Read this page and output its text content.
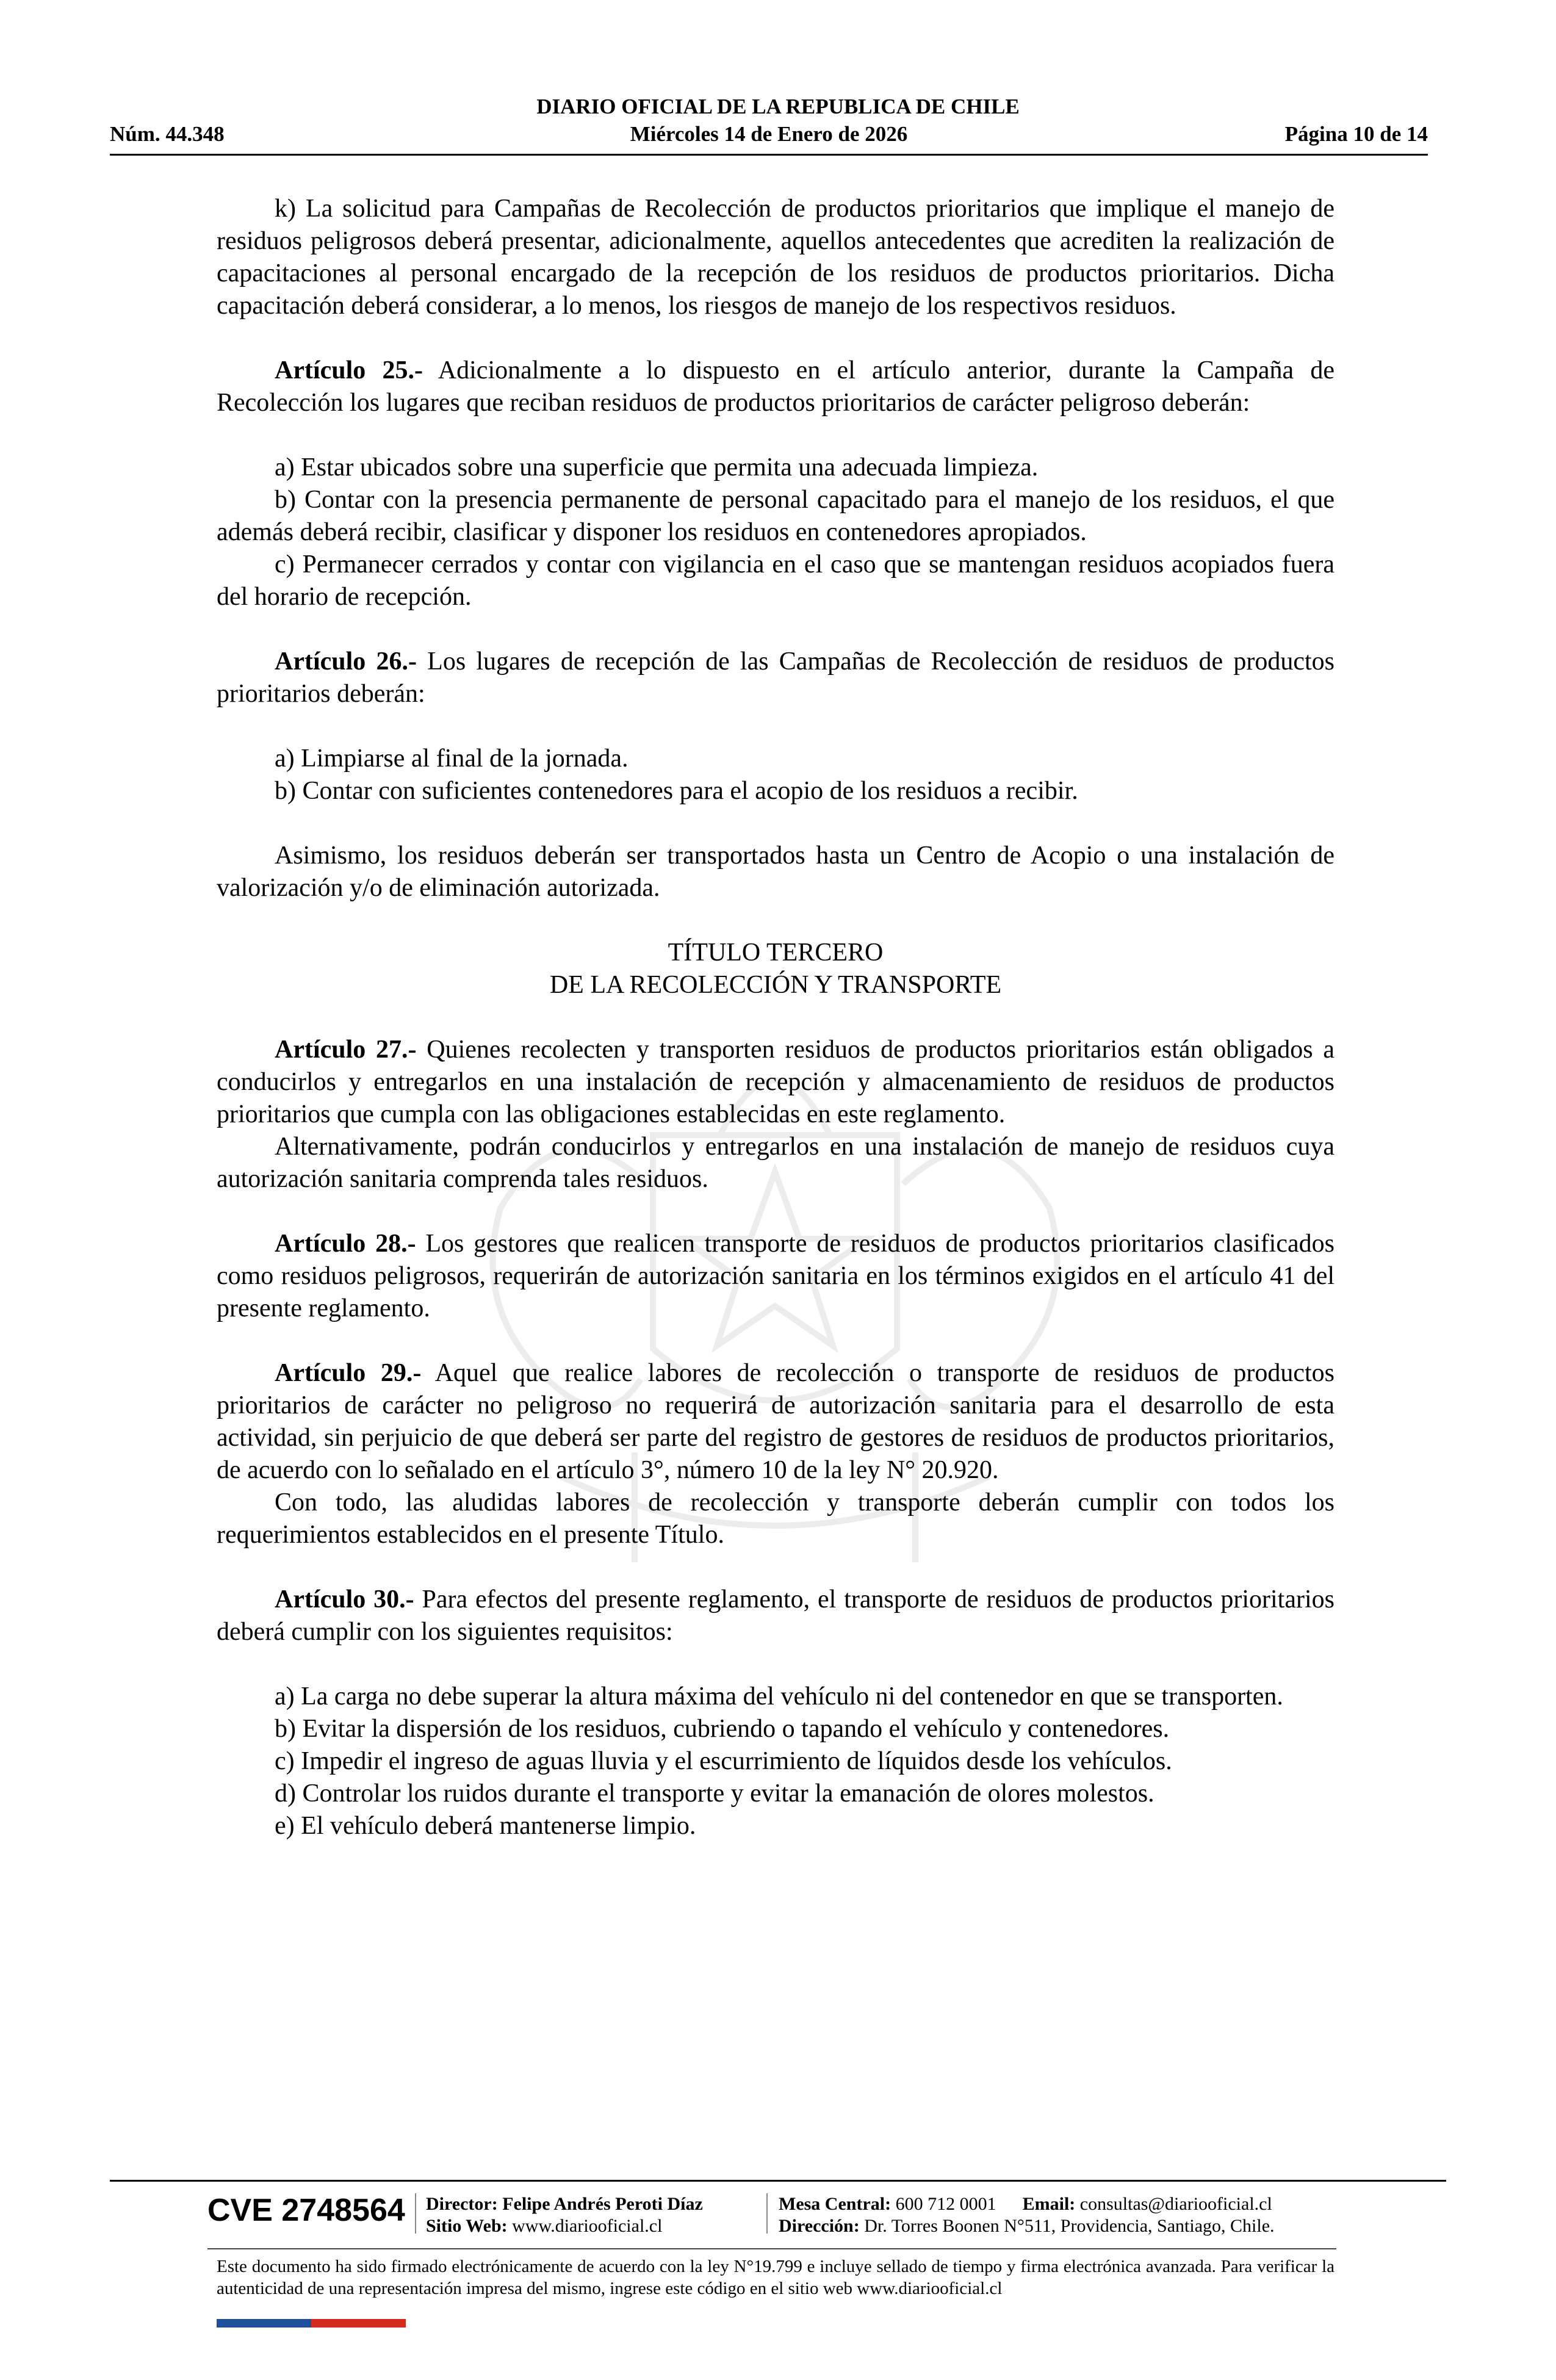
DIARIO OFICIAL DE LA REPUBLICA DE CHILE
Núm. 44.348	Miércoles 14 de Enero de 2026	Página 10 de 14

k) La solicitud para Campañas de Recolección de productos prioritarios que implique el manejo de residuos peligrosos deberá presentar, adicionalmente, aquellos antecedentes que acrediten la realización de capacitaciones al personal encargado de la recepción de los residuos de productos prioritarios. Dicha capacitación deberá considerar, a lo menos, los riesgos de manejo de los respectivos residuos.

Artículo 25.- Adicionalmente a lo dispuesto en el artículo anterior, durante la Campaña de Recolección los lugares que reciban residuos de productos prioritarios de carácter peligroso deberán:

a) Estar ubicados sobre una superficie que permita una adecuada limpieza.

b) Contar con la presencia permanente de personal capacitado para el manejo de los residuos, el que además deberá recibir, clasificar y disponer los residuos en contenedores apropiados.

c) Permanecer cerrados y contar con vigilancia en el caso que se mantengan residuos acopiados fuera del horario de recepción.

Artículo 26.- Los lugares de recepción de las Campañas de Recolección de residuos de productos prioritarios deberán:

a) Limpiarse al final de la jornada.

b) Contar con suficientes contenedores para el acopio de los residuos a recibir.

Asimismo, los residuos deberán ser transportados hasta un Centro de Acopio o una instalación de valorización y/o de eliminación autorizada.

TÍTULO TERCERO

DE LA RECOLECCIÓN Y TRANSPORTE

Artículo 27.- Quienes recolecten y transporten residuos de productos prioritarios están obligados a conducirlos y entregarlos en una instalación de recepción y almacenamiento de residuos de productos prioritarios que cumpla con las obligaciones establecidas en este reglamento.

Alternativamente, podrán conducirlos y entregarlos en una instalación de manejo de residuos cuya autorización sanitaria comprenda tales residuos.

Artículo 28.- Los gestores que realicen transporte de residuos de productos prioritarios clasificados como residuos peligrosos, requerirán de autorización sanitaria en los términos exigidos en el artículo 41 del presente reglamento.

Artículo 29.- Aquel que realice labores de recolección o transporte de residuos de productos prioritarios de carácter no peligroso no requerirá de autorización sanitaria para el desarrollo de esta actividad, sin perjuicio de que deberá ser parte del registro de gestores de residuos de productos prioritarios, de acuerdo con lo señalado en el artículo 3°, número 10 de la ley N° 20.920.

Con todo, las aludidas labores de recolección y transporte deberán cumplir con todos los requerimientos establecidos en el presente Título.

Artículo 30.- Para efectos del presente reglamento, el transporte de residuos de productos prioritarios deberá cumplir con los siguientes requisitos:

a) La carga no debe superar la altura máxima del vehículo ni del contenedor en que se transporten.

b) Evitar la dispersión de los residuos, cubriendo o tapando el vehículo y contenedores.

c) Impedir el ingreso de aguas lluvia y el escurrimiento de líquidos desde los vehículos.

d) Controlar los ruidos durante el transporte y evitar la emanación de olores molestos.

e) El vehículo deberá mantenerse limpio.

CVE 2748564 Director: Felipe Andrés Peroti Díaz
Sitio Web: www.diariooficial.cl
Mesa Central: 600 712 0001 Email: consultas@diariooficial.cl
Dirección: Dr. Torres Boonen N°511, Providencia, Santiago, Chile.
Este documento ha sido firmado electrónicamente de acuerdo con la ley N°19.799 e incluye sellado de tiempo y firma electrónica avanzada. Para verificar la autenticidad de una representación impresa del mismo, ingrese este código en el sitio web www.diariooficial.cl
